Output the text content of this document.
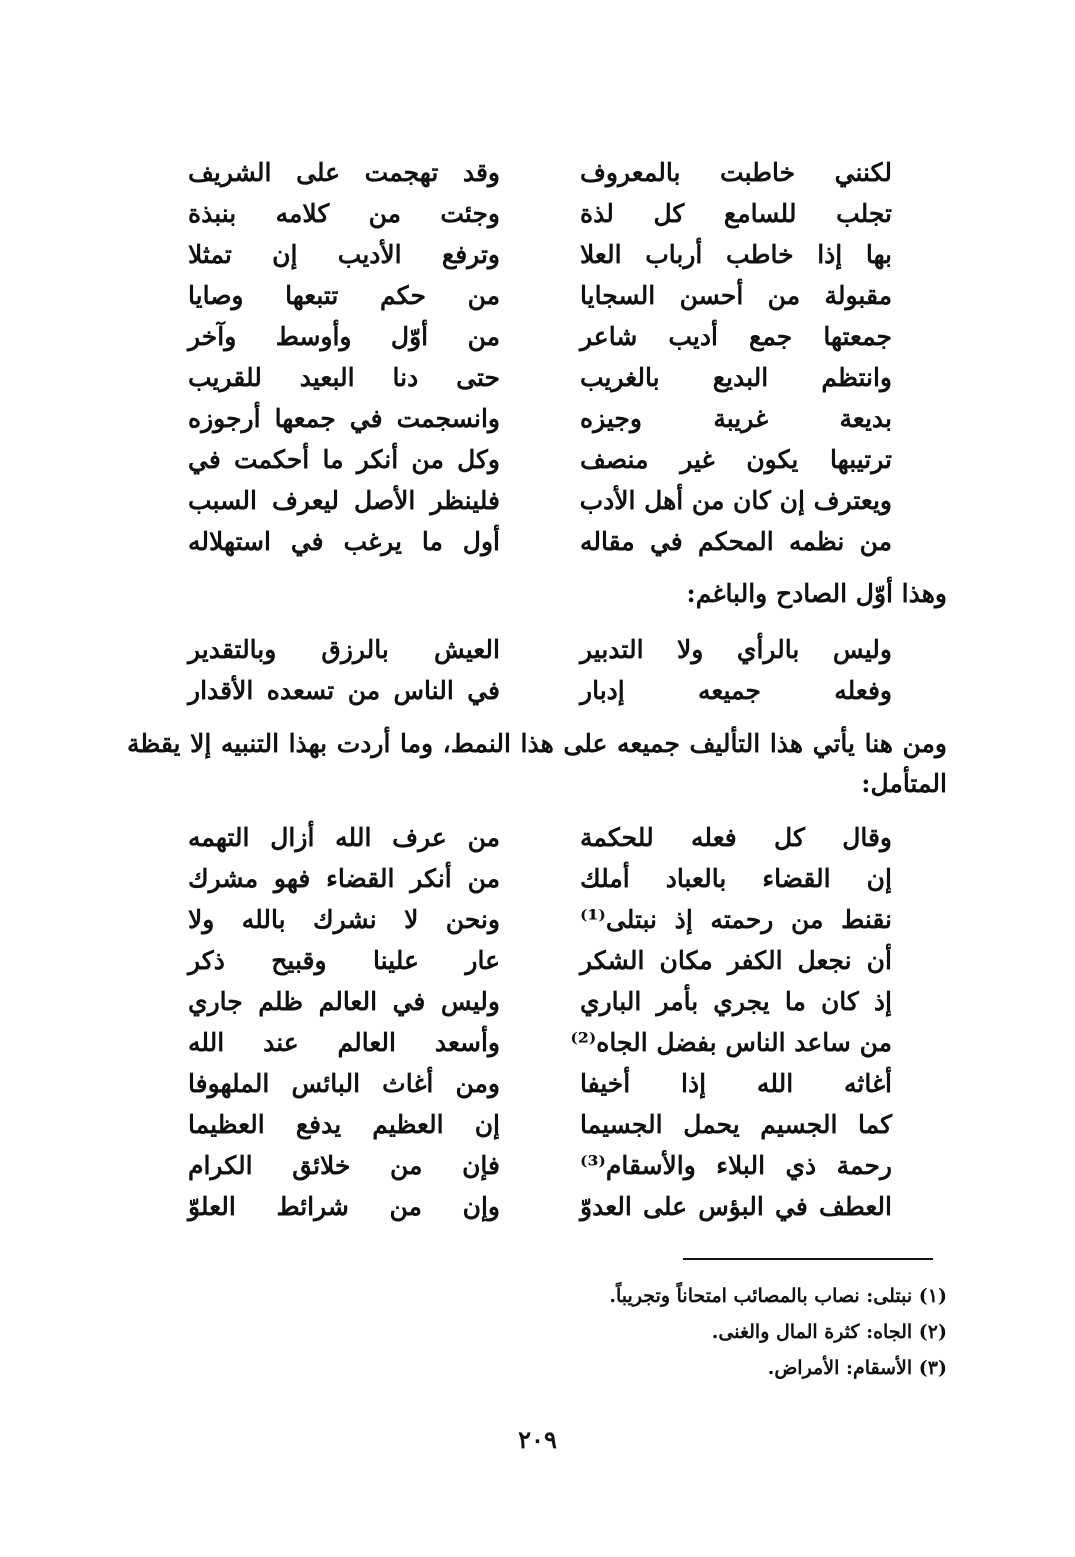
وقد تهجمت على الشريف	لكنني خاطبت بالمعروف
وجئت من كلامه بنبذة	تجلب للسامع كل لذة
وترفع الأديب إن تمثلا	بها إذا خاطب أرباب العلا
من حكم تتبعها وصايا	مقبولة من أحسن السجايا
من أوّل وأوسط وآخر	جمعتها جمع أديب شاعر
حتى دنا البعيد للقريب	وانتظم البديع بالغريب
وانسجمت في جمعها أرجوزه	بديعة غريبة وجيزه
وكل من أنكر ما أحكمت في	ترتيبها يكون غير منصف
فلينظر الأصل ليعرف السبب	ويعترف إن كان من أهل الأدب
أول ما يرغب في استهلاله	من نظمه المحكم في مقاله
وهذا أوّل الصادح والباغم:
العيش بالرزق وبالتقدير	وليس بالرأي ولا التدبير
في الناس من تسعده الأقدار	وفعله جميعه إدبار
ومن هنا يأتي هذا التأليف جميعه على هذا النمط، وما أردت بهذا التنبيه إلا يقظة المتأمل:
من عرف الله أزال التهمه	وقال كل فعله للحكمة
من أنكر القضاء فهو مشرك	إن القضاء بالعباد أملك
ونحن لا نشرك بالله ولا	نقنط من رحمته إذ نبتلى⁽¹⁾
عار علينا وقبيح ذكر	أن نجعل الكفر مكان الشكر
وليس في العالم ظلم جاري	إذ كان ما يجري بأمر الباري
وأسعد العالم عند الله	من ساعد الناس بفضل الجاه⁽²⁾
ومن أغاث البائس الملهوفا	أغاثه الله إذا أخيفا
إن العظيم يدفع العظيما	كما الجسيم يحمل الجسيما
فإن من خلائق الكرام	رحمة ذي البلاء والأسقام⁽³⁾
وإن من شرائط العلوّ	العطف في البؤس على العدوّ
(١) نبتلى: نصاب بالمصائب امتحاناً وتجريباً.
(٢) الجاه: كثرة المال والغنى.
(٣) الأسقام: الأمراض.
٢٠٩
